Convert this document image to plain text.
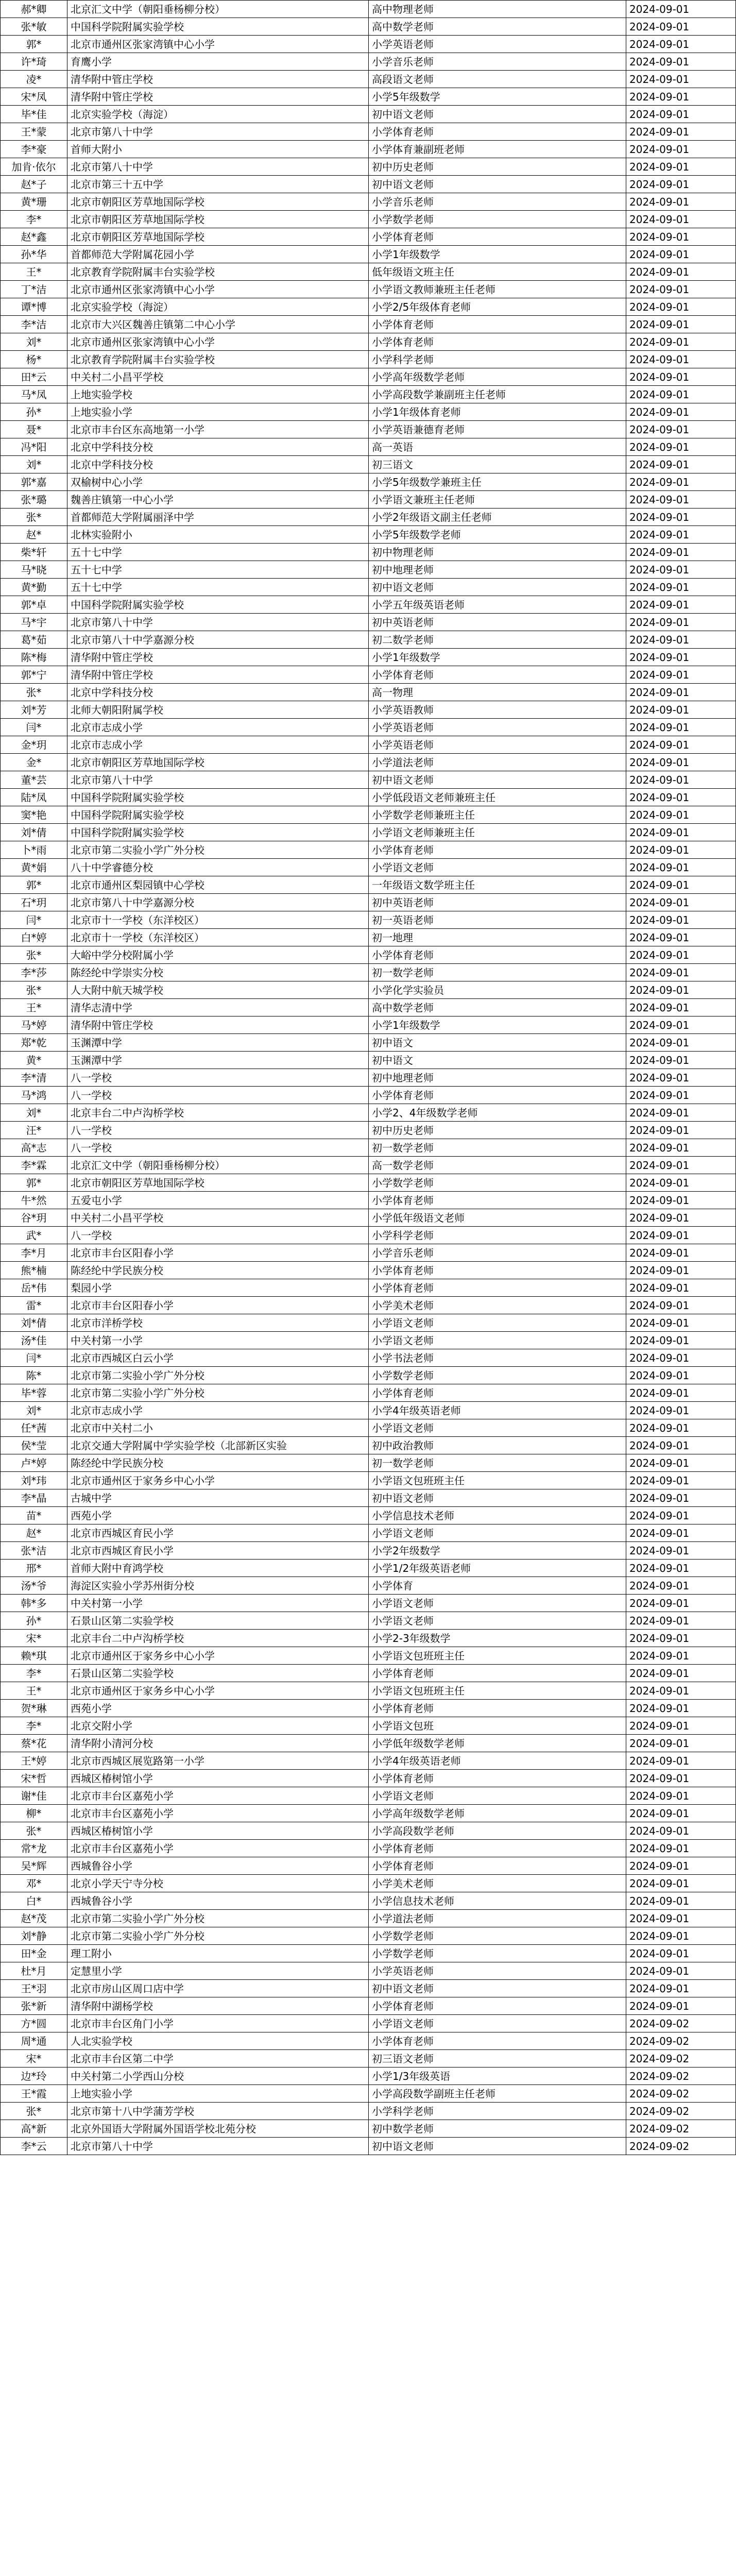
郝*卿	北京汇文中学（朝阳垂杨柳分校）	高中物理老师	2024-09-01
张*敏	中国科学院附属实验学校	高中数学老师	2024-09-01
郭*	北京市通州区张家湾镇中心小学	小学英语老师	2024-09-01
许*琦	育鹰小学	小学音乐老师	2024-09-01
凌*	清华附中管庄学校	高段语文老师	2024-09-01
宋*凤	清华附中管庄学校	小学5年级数学	2024-09-01
毕*佳	北京实验学校（海淀）	初中语文老师	2024-09-01
王*蒙	北京市第八十中学	小学体育老师	2024-09-01
李*豪	首师大附小	小学体育兼副班老师	2024-09-01
加肯·依尔	北京市第八十中学	初中历史老师	2024-09-01
赵*子	北京市第三十五中学	初中语文老师	2024-09-01
黄*珊	北京市朝阳区芳草地国际学校	小学音乐老师	2024-09-01
李*	北京市朝阳区芳草地国际学校	小学数学老师	2024-09-01
赵*鑫	北京市朝阳区芳草地国际学校	小学体育老师	2024-09-01
孙*华	首都师范大学附属花园小学	小学1年级数学	2024-09-01
王*	北京教育学院附属丰台实验学校	低年级语文班主任	2024-09-01
丁*洁	北京市通州区张家湾镇中心小学	小学语文教师兼班主任老师	2024-09-01
谭*博	北京实验学校（海淀）	小学2/5年级体育老师	2024-09-01
李*洁	北京市大兴区魏善庄镇第二中心小学	小学体育老师	2024-09-01
刘*	北京市通州区张家湾镇中心小学	小学体育老师	2024-09-01
杨*	北京教育学院附属丰台实验学校	小学科学老师	2024-09-01
田*云	中关村二小昌平学校	小学高年级数学老师	2024-09-01
马*凤	上地实验学校	小学高段数学兼副班主任老师	2024-09-01
孙*	上地实验小学	小学1年级体育老师	2024-09-01
聂*	北京市丰台区东高地第一小学	小学英语兼德育老师	2024-09-01
冯*阳	北京中学科技分校	高一英语	2024-09-01
刘*	北京中学科技分校	初三语文	2024-09-01
郭*嘉	双榆树中心小学	小学5年级数学兼班主任	2024-09-01
张*璐	魏善庄镇第一中心小学	小学语文兼班主任老师	2024-09-01
张*	首都师范大学附属丽泽中学	小学2年级语文副主任老师	2024-09-01
赵*	北林实验附小	小学5年级数学老师	2024-09-01
柴*轩	五十七中学	初中物理老师	2024-09-01
马*晓	五十七中学	初中地理老师	2024-09-01
黄*勤	五十七中学	初中语文老师	2024-09-01
郭*卓	中国科学院附属实验学校	小学五年级英语老师	2024-09-01
马*宇	北京市第八十中学	初中英语老师	2024-09-01
葛*茹	北京市第八十中学嘉源分校	初二数学老师	2024-09-01
陈*梅	清华附中管庄学校	小学1年级数学	2024-09-01
郭*宁	清华附中管庄学校	小学体育老师	2024-09-01
张*	北京中学科技分校	高一物理	2024-09-01
刘*芳	北师大朝阳附属学校	小学英语教师	2024-09-01
闫*	北京市志成小学	小学英语老师	2024-09-01
金*玥	北京市志成小学	小学英语老师	2024-09-01
金*	北京市朝阳区芳草地国际学校	小学道法老师	2024-09-01
董*芸	北京市第八十中学	初中语文老师	2024-09-01
陆*凤	中国科学院附属实验学校	小学低段语文老师兼班主任	2024-09-01
窦*艳	中国科学院附属实验学校	小学数学老师兼班主任	2024-09-01
刘*倩	中国科学院附属实验学校	小学语文老师兼班主任	2024-09-01
卜*雨	北京市第二实验小学广外分校	小学体育老师	2024-09-01
黄*娟	八十中学睿德分校	小学语文老师	2024-09-01
郭*	北京市通州区梨园镇中心学校	一年级语文数学班主任	2024-09-01
石*玥	北京市第八十中学嘉源分校	初中英语老师	2024-09-01
闫*	北京市十一学校（东洋校区）	初一英语老师	2024-09-01
白*婷	北京市十一学校（东洋校区）	初一地理	2024-09-01
张*	大峪中学分校附属小学	小学体育老师	2024-09-01
李*莎	陈经纶中学崇实分校	初一数学老师	2024-09-01
张*	人大附中航天城学校	小学化学实验员	2024-09-01
王*	清华志清中学	高中数学老师	2024-09-01
马*婷	清华附中管庄学校	小学1年级数学	2024-09-01
郑*乾	玉渊潭中学	初中语文	2024-09-01
黄*	玉渊潭中学	初中语文	2024-09-01
李*清	八一学校	初中地理老师	2024-09-01
马*鸿	八一学校	小学体育老师	2024-09-01
刘*	北京丰台二中卢沟桥学校	小学2、4年级数学老师	2024-09-01
汪*	八一学校	初中历史老师	2024-09-01
高*志	八一学校	初一数学老师	2024-09-01
李*霖	北京汇文中学（朝阳垂杨柳分校）	高一数学老师	2024-09-01
郭*	北京市朝阳区芳草地国际学校	小学数学老师	2024-09-01
牛*然	五爱屯小学	小学体育老师	2024-09-01
谷*玥	中关村二小昌平学校	小学低年级语文老师	2024-09-01
武*	八一学校	小学科学老师	2024-09-01
李*月	北京市丰台区阳春小学	小学音乐老师	2024-09-01
熊*楠	陈经纶中学民族分校	小学体育老师	2024-09-01
岳*伟	梨园小学	小学体育老师	2024-09-01
雷*	北京市丰台区阳春小学	小学美术老师	2024-09-01
刘*倩	北京市洋桥学校	小学语文老师	2024-09-01
汤*佳	中关村第一小学	小学语文老师	2024-09-01
闫*	北京市西城区白云小学	小学书法老师	2024-09-01
陈*	北京市第二实验小学广外分校	小学数学老师	2024-09-01
毕*蓉	北京市第二实验小学广外分校	小学体育老师	2024-09-01
刘*	北京市志成小学	小学4年级英语老师	2024-09-01
任*茜	北京市中关村二小	小学语文老师	2024-09-01
侯*莹	北京交通大学附属中学实验学校（北部新区实验	初中政治教师	2024-09-01
卢*婷	陈经纶中学民族分校	初一数学老师	2024-09-01
刘*玮	北京市通州区于家务乡中心小学	小学语文包班班主任	2024-09-01
李*晶	古城中学	初中语文老师	2024-09-01
苗*	西苑小学	小学信息技术老师	2024-09-01
赵*	北京市西城区育民小学	小学语文老师	2024-09-01
张*洁	北京市西城区育民小学	小学2年级数学	2024-09-01
邢*	首师大附中育鸿学校	小学1/2年级英语老师	2024-09-01
汤*爷	海淀区实验小学苏州街分校	小学体育	2024-09-01
韩*多	中关村第一小学	小学语文老师	2024-09-01
孙*	石景山区第二实验学校	小学语文老师	2024-09-01
宋*	北京丰台二中卢沟桥学校	小学2-3年级数学	2024-09-01
赖*琪	北京市通州区于家务乡中心小学	小学语文包班班主任	2024-09-01
李*	石景山区第二实验学校	小学体育老师	2024-09-01
王*	北京市通州区于家务乡中心小学	小学语文包班班主任	2024-09-01
贺*琳	西苑小学	小学体育老师	2024-09-01
李*	北京交附小学	小学语文包班	2024-09-01
蔡*花	清华附小清河分校	小学低年级数学老师	2024-09-01
王*婷	北京市西城区展览路第一小学	小学4年级英语老师	2024-09-01
宋*哲	西城区椿树馆小学	小学体育老师	2024-09-01
谢*佳	北京市丰台区嘉苑小学	小学语文老师	2024-09-01
柳*	北京市丰台区嘉苑小学	小学高年级数学老师	2024-09-01
张*	西城区椿树馆小学	小学高段数学老师	2024-09-01
常*龙	北京市丰台区嘉苑小学	小学体育老师	2024-09-01
吴*辉	西城鲁谷小学	小学体育老师	2024-09-01
邓*	北京小学天宁寺分校	小学美术老师	2024-09-01
白*	西城鲁谷小学	小学信息技术老师	2024-09-01
赵*茂	北京市第二实验小学广外分校	小学道法老师	2024-09-01
刘*静	北京市第二实验小学广外分校	小学数学老师	2024-09-01
田*金	理工附小	小学数学老师	2024-09-01
杜*月	定慧里小学	小学英语老师	2024-09-01
王*羽	北京市房山区周口店中学	初中语文老师	2024-09-01
张*新	清华附中湖杨学校	小学体育老师	2024-09-01
方*圆	北京市丰台区角门小学	小学语文老师	2024-09-02
周*通	人北实验学校	小学体育老师	2024-09-02
宋*	北京市丰台区第二中学	初三语文老师	2024-09-02
边*玲	中关村第二小学西山分校	小学1/3年级英语	2024-09-02
王*霞	上地实验小学	小学高段数学副班主任老师	2024-09-02
张*	北京市第十八中学蒲芳学校	小学科学老师	2024-09-02
高*新	北京外国语大学附属外国语学校北苑分校	初中数学老师	2024-09-02
李*云	北京市第八十中学	初中语文老师	2024-09-02
